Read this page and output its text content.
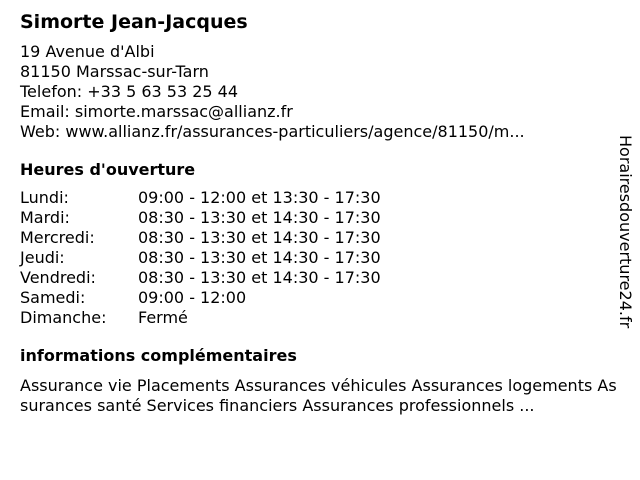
Simorte Jean-Jacques
19 Avenue d'Albi
81150 Marssac-sur-Tarn
Telefon: +33 5 63 53 25 44
Email: simorte.marssac@allianz.fr
Web: www.allianz.fr/assurances-particuliers/agence/81150/m...
Heures d'ouverture
Lundi:	09:00 - 12:00 et 13:30 - 17:30
Mardi:	08:30 - 13:30 et 14:30 - 17:30
Mercredi:	08:30 - 13:30 et 14:30 - 17:30
Jeudi:	08:30 - 13:30 et 14:30 - 17:30
Vendredi:	08:30 - 13:30 et 14:30 - 17:30
Samedi:	09:00 - 12:00
Dimanche:	Fermé
informations complémentaires
Assurance vie Placements Assurances véhicules Assurances logements Assurances santé Services financiers Assurances professionnels ...
Horairesdouverture24.fr
